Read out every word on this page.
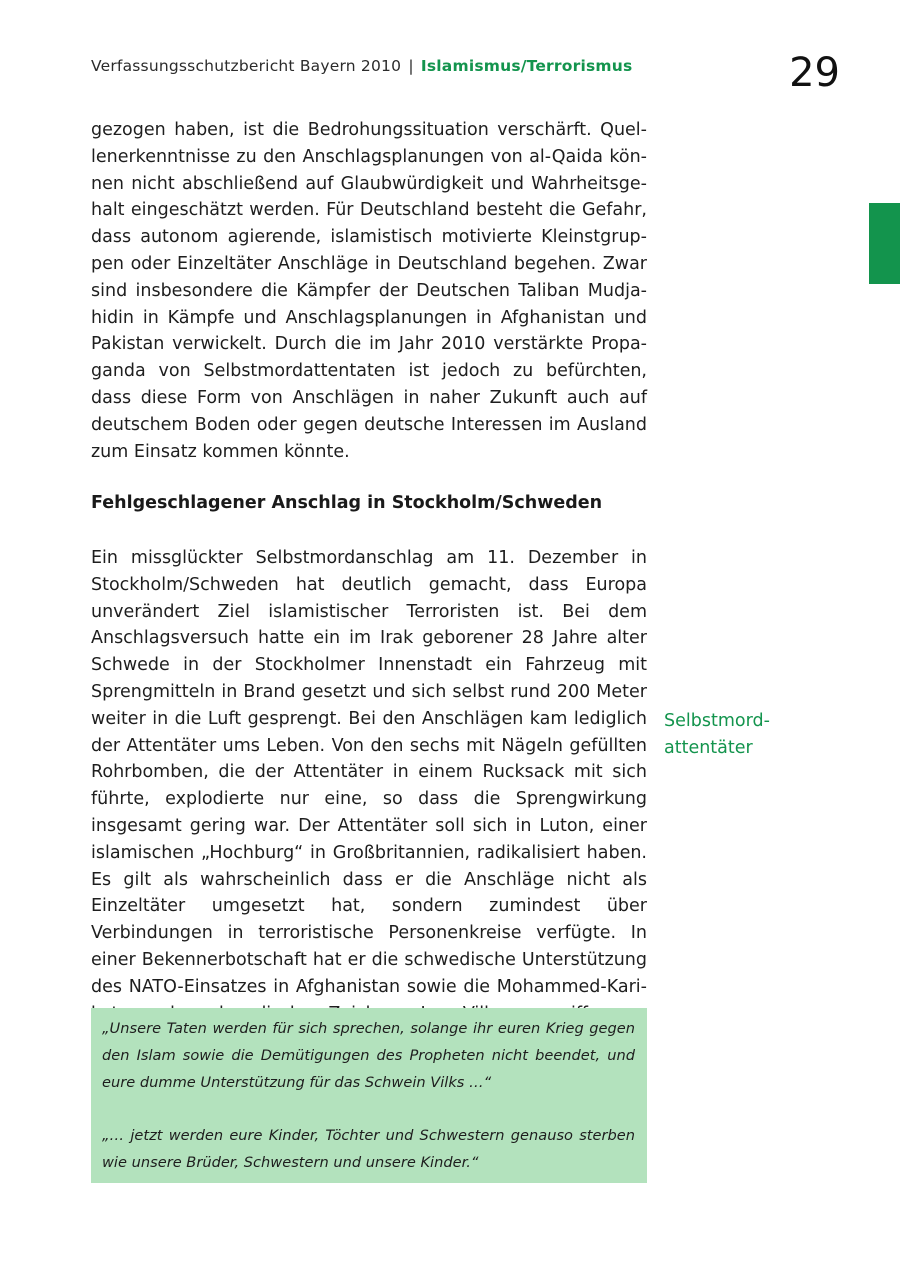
Verfassungsschutzbericht Bayern 2010 | Islamismus/Terrorismus	29

gezogen haben, ist die Bedrohungssituation verschärft. Quellenerkenntnisse zu den Anschlagsplanungen von al-Qaida können nicht abschließend auf Glaubwürdigkeit und Wahrheitsgehalt eingeschätzt werden. Für Deutschland besteht die Gefahr, dass autonom agierende, islamistisch motivierte Kleinstgruppen oder Einzeltäter Anschläge in Deutschland begehen. Zwar sind insbesondere die Kämpfer der Deutschen Taliban Mudjahidin in Kämpfe und Anschlagsplanungen in Afghanistan und Pakistan verwickelt. Durch die im Jahr 2010 verstärkte Propaganda von Selbstmordattentaten ist jedoch zu befürchten, dass diese Form von Anschlägen in naher Zukunft auch auf deutschem Boden oder gegen deutsche Interessen im Ausland zum Einsatz kommen könnte.

Fehlgeschlagener Anschlag in Stockholm/Schweden

Ein missglückter Selbstmordanschlag am 11. Dezember in Stockholm/Schweden hat deutlich gemacht, dass Europa unverändert Ziel islamistischer Terroristen ist. Bei dem Anschlagsversuch hatte ein im Irak geborener 28 Jahre alter Schwede in der Stockholmer Innenstadt ein Fahrzeug mit Sprengmitteln in Brand gesetzt und sich selbst rund 200 Meter weiter in die Luft gesprengt. Bei den Anschlägen kam lediglich der Attentäter ums Leben. Von den sechs mit Nägeln gefüllten Rohrbomben, die der Attentäter in einem Rucksack mit sich führte, explodierte nur eine, so dass die Sprengwirkung insgesamt gering war. Der Attentäter soll sich in Luton, einer islamischen „Hochburg“ in Großbritannien, radikalisiert haben. Es gilt als wahrscheinlich dass er die Anschläge nicht als Einzeltäter umgesetzt hat, sondern zumindest über Verbindungen in terroristische Personenkreise verfügte. In einer Bekennerbotschaft hat er die schwedische Unterstützung des NATO-Einsatzes in Afghanistan sowie die Mohammed-Kari

Selbstmord-
attentäter

„Unsere Taten werden für sich sprechen, solange ihr euren Krieg gegen den Islam sowie die Demütigungen des Propheten nicht beendet, und eure dumme Unterstützung für das Schwein Vilks …“

„… jetzt werden eure Kinder, Töchter und Schwestern genauso sterben wie unsere Brüder, Schwestern und unsere Kinder.“
